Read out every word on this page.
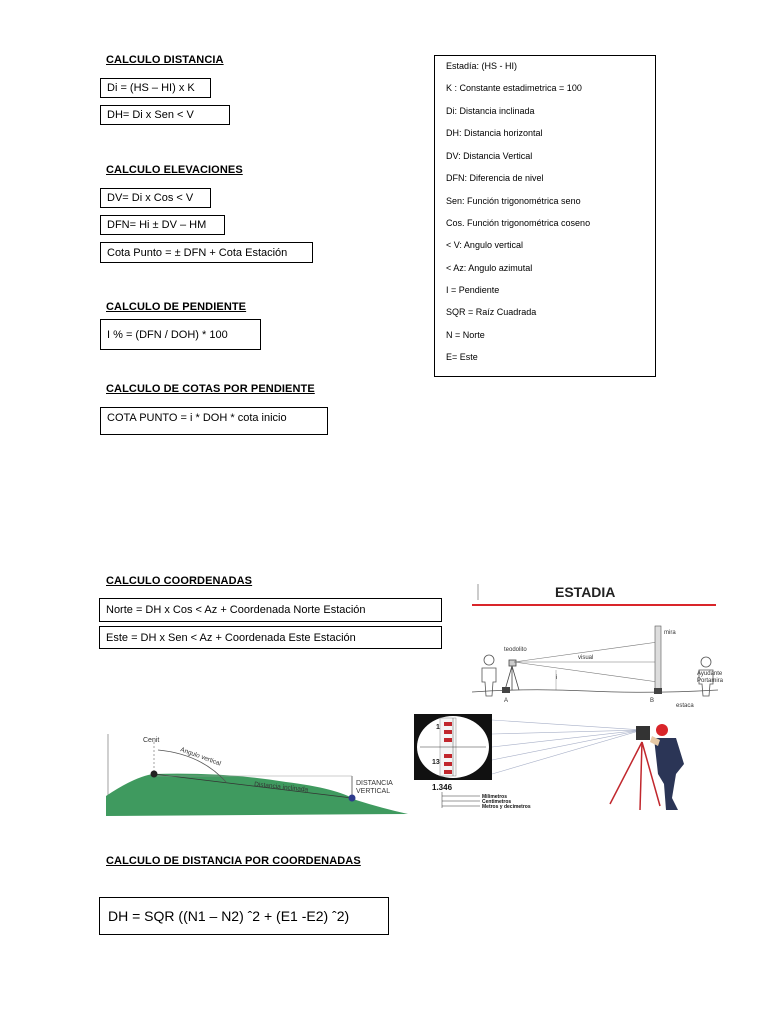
CALCULO DISTANCIA
Di = (HS – HI) x K
DH= Di x Sen < V
CALCULO ELEVACIONES
DV= Di x Cos < V
DFN= Hi ± DV – HM
Cota Punto = ± DFN + Cota Estación
CALCULO DE PENDIENTE
I % = (DFN / DOH) * 100
CALCULO DE COTAS POR PENDIENTE
COTA PUNTO = i * DOH * cota inicio
Estadía: (HS - HI)
K : Constante estadimetrica = 100
Di: Distancia inclinada
DH: Distancia horizontal
DV: Distancia Vertical
DFN: Diferencia de nivel
Sen: Función trigonométrica seno
Cos. Función trigonométrica coseno
< V: Angulo vertical
< Az: Angulo azimutal
I = Pendiente
SQR = Raíz Cuadrada
N = Norte
E= Este
CALCULO COORDENADAS
Norte = DH x Cos < Az + Coordenada Norte Estación
Este = DH x Sen < Az + Coordenada Este Estación
ESTADIA
teodolito
visual
i
A
mira
B
estaca
Ayudante
Portamira
Cenit
Angulo vertical
Distancia inclinada	DISTANCIA
VERTICAL
1
13
1.346
Milimetros
Centimetros
Metros y decimetros
CALCULO DE DISTANCIA POR COORDENADAS
DH = SQR ((N1 – N2) ˆ2 + (E1 -E2) ˆ2)
